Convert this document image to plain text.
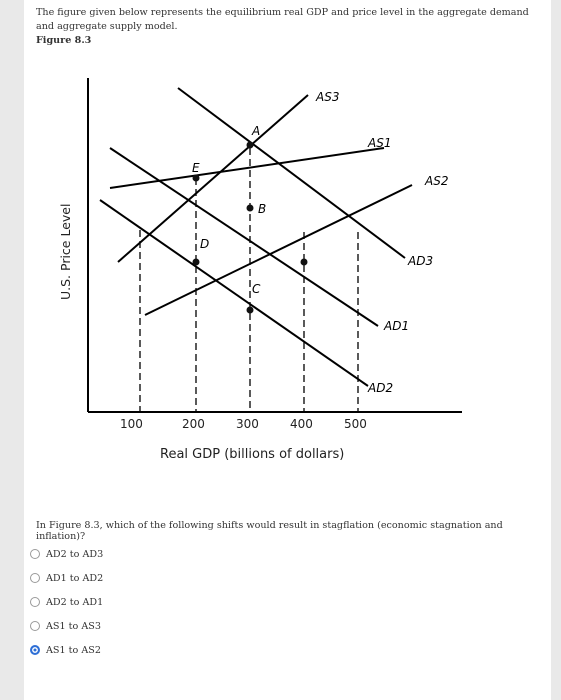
The figure given below represents the equilibrium real GDP and price level in the aggregate demand and aggregate supply model.
Figure 8.3
A
B
C
D
E
AS3
AS1
AS2
AD3
AD1
AD2
U.S. Price Level
100	200	300	400	500
Real GDP (billions of dollars)
In Figure 8.3, which of the following shifts would result in stagflation (economic stagnation and inflation)?
AD2 to AD3
AD1 to AD2
AD2 to AD1
AS1 to AS3
AS1 to AS2
